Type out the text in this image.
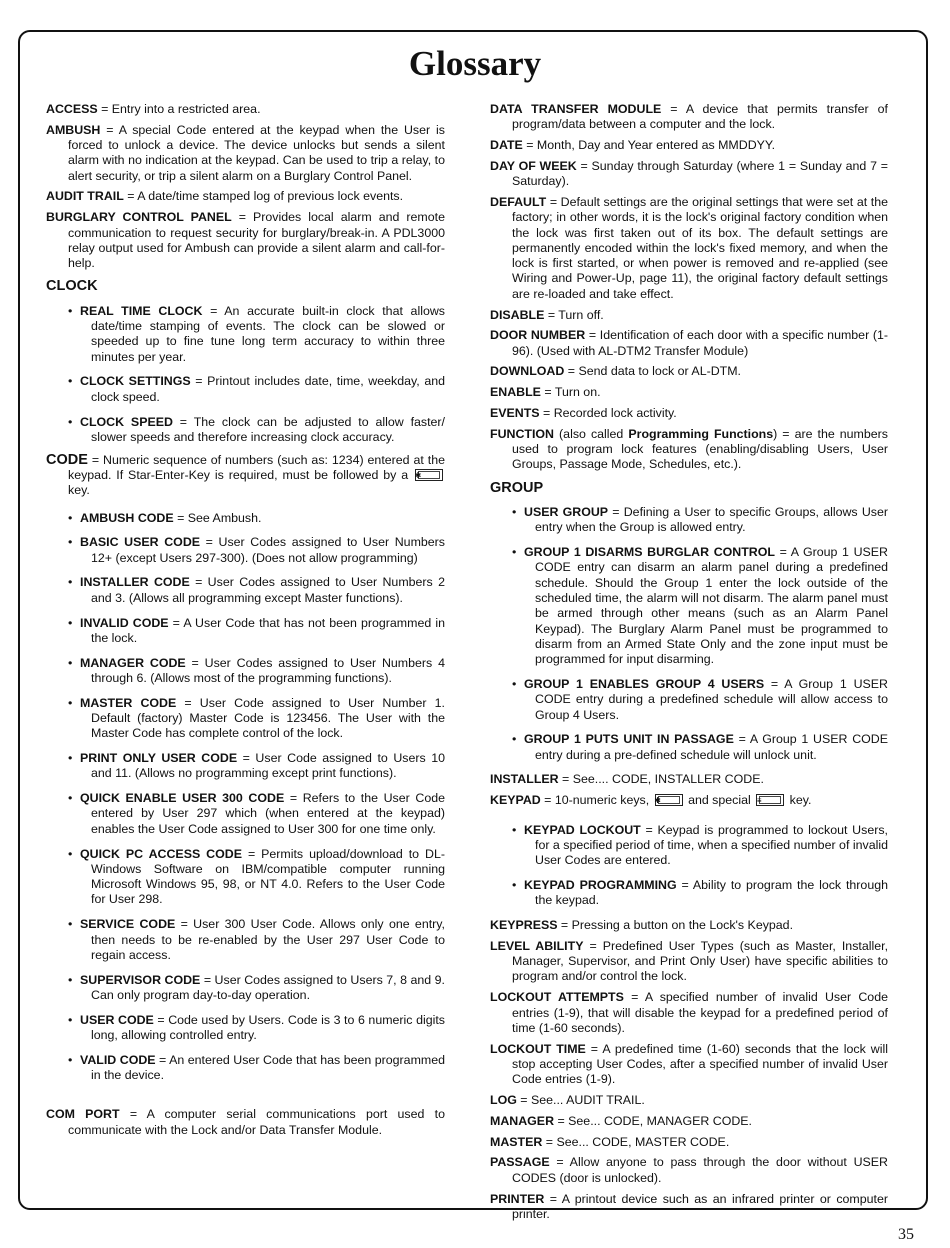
Glossary

ACCESS = Entry into a restricted area.

AMBUSH = A special Code entered at the keypad when the User is forced to unlock a device. The device unlocks but sends a silent alarm with no indication at the keypad. Can be used to trip a relay, to alert security, or trip a silent alarm on a Burglary Control Panel.

AUDIT TRAIL = A date/time stamped log of previous lock events.

BURGLARY CONTROL PANEL = Provides local alarm and remote communication to request security for burglary/break-in. A PDL3000 relay output used for Ambush can provide a silent alarm and call-for-help.

CLOCK
• REAL TIME CLOCK = An accurate built-in clock that allows date/time stamping of events. The clock can be slowed or speeded up to fine tune long term accuracy to within three minutes per year.
• CLOCK SETTINGS = Printout includes date, time, weekday, and clock speed.
• CLOCK SPEED = The clock can be adjusted to allow faster/ slower speeds and therefore increasing clock accuracy.

CODE = Numeric sequence of numbers (such as: 1234) entered at the keypad. If Star-Enter-Key is required, must be followed by a ✱
key.

• AMBUSH CODE = See Ambush.
• BASIC USER CODE = User Codes assigned to User Numbers 12+ (except Users 297-300). (Does not allow programming)
• INSTALLER CODE = User Codes assigned to User Numbers 2 and 3. (Allows all programming except Master functions).
• INVALID CODE = A User Code that has not been programmed in the lock.
• MANAGER CODE = User Codes assigned to User Numbers 4 through 6. (Allows most of the programming functions).
• MASTER CODE = User Code assigned to User Number 1. Default (factory) Master Code is 123456. The User with the Master Code has complete control of the lock.
• PRINT ONLY USER CODE = User Code assigned to Users 10 and 11. (Allows no programming except print functions).
• QUICK ENABLE USER 300 CODE = Refers to the User Code entered by User 297 which (when entered at the keypad) enables the User Code assigned to User 300 for one time only.
• QUICK PC ACCESS CODE = Permits upload/download to DL-Windows Software on IBM/compatible computer running Microsoft Windows 95, 98, or NT 4.0. Refers to the User Code for User 298.
• SERVICE CODE = User 300 User Code. Allows only one entry, then needs to be re-enabled by the User 297 User Code to regain access.
• SUPERVISOR CODE = User Codes assigned to Users 7, 8 and 9. Can only program day-to-day operation.
• USER CODE = Code used by Users. Code is 3 to 6 numeric digits long, allowing controlled entry.
• VALID CODE = An entered User Code that has been programmed in the device.

COM PORT = A computer serial communications port used to communicate with the Lock and/or Data Transfer Module.

DATA TRANSFER MODULE = A device that permits transfer of program/data between a computer and the lock.

DATE = Month, Day and Year entered as MMDDYY.

DAY OF WEEK = Sunday through Saturday (where 1 = Sunday and 7 = Saturday).

DEFAULT = Default settings are the original settings that were set at the factory; in other words, it is the lock's original factory condition when the lock was first taken out of its box. The default settings are permanently encoded within the lock's fixed memory, and when the lock is first started, or when power is removed and re-applied (see Wiring and Power-Up, page 11), the original factory default settings are re-loaded and take effect.

DISABLE = Turn off.

DOOR NUMBER = Identification of each door with a specific number (1-96). (Used with AL-DTM2 Transfer Module)

DOWNLOAD = Send data to lock or AL-DTM.

ENABLE = Turn on.

EVENTS = Recorded lock activity.

FUNCTION (also called Programming Functions) = are the numbers used to program lock features (enabling/disabling Users, User Groups, Passage Mode, Schedules, etc.).

GROUP
• USER GROUP = Defining a User to specific Groups, allows User entry when the Group is allowed entry.
• GROUP 1 DISARMS BURGLAR CONTROL = A Group 1 USER CODE entry can disarm an alarm panel during a predefined schedule. Should the Group 1 enter the lock outside of the scheduled time, the alarm will not disarm. The alarm panel must be armed through other means (such as an Alarm Panel Keypad). The Burglary Alarm Panel must be programmed to disarm from an Armed State Only and the zone input must be programmed for input disarming.
• GROUP 1 ENABLES GROUP 4 USERS = A Group 1 USER CODE entry during a predefined schedule will allow access to Group 4 Users.
• GROUP 1 PUTS UNIT IN PASSAGE = A Group 1 USER CODE entry during a pre-defined schedule will unlock unit.

INSTALLER = See.... CODE, INSTALLER CODE.

KEYPAD = 10-numeric keys, ✱	and special ≡	key.

• KEYPAD LOCKOUT = Keypad is programmed to lockout Users, for a specified period of time, when a specified number of invalid User Codes are entered.
• KEYPAD PROGRAMMING = Ability to program the lock through the keypad.

KEYPRESS = Pressing a button on the Lock's Keypad.

LEVEL ABILITY = Predefined User Types (such as Master, Installer, Manager, Supervisor, and Print Only User) have specific abilities to program and/or control the lock.

LOCKOUT ATTEMPTS = A specified number of invalid User Code entries (1-9), that will disable the keypad for a predefined period of time (1-60 seconds).

LOCKOUT TIME = A predefined time (1-60) seconds that the lock will stop accepting User Codes, after a specified number of invalid User Code entries (1-9).

LOG = See... AUDIT TRAIL.

MANAGER = See... CODE, MANAGER CODE.

MASTER = See... CODE, MASTER CODE.

PASSAGE = Allow anyone to pass through the door without USER CODES (door is unlocked).

PRINTER = A printout device such as an infrared printer or computer printer.

35
